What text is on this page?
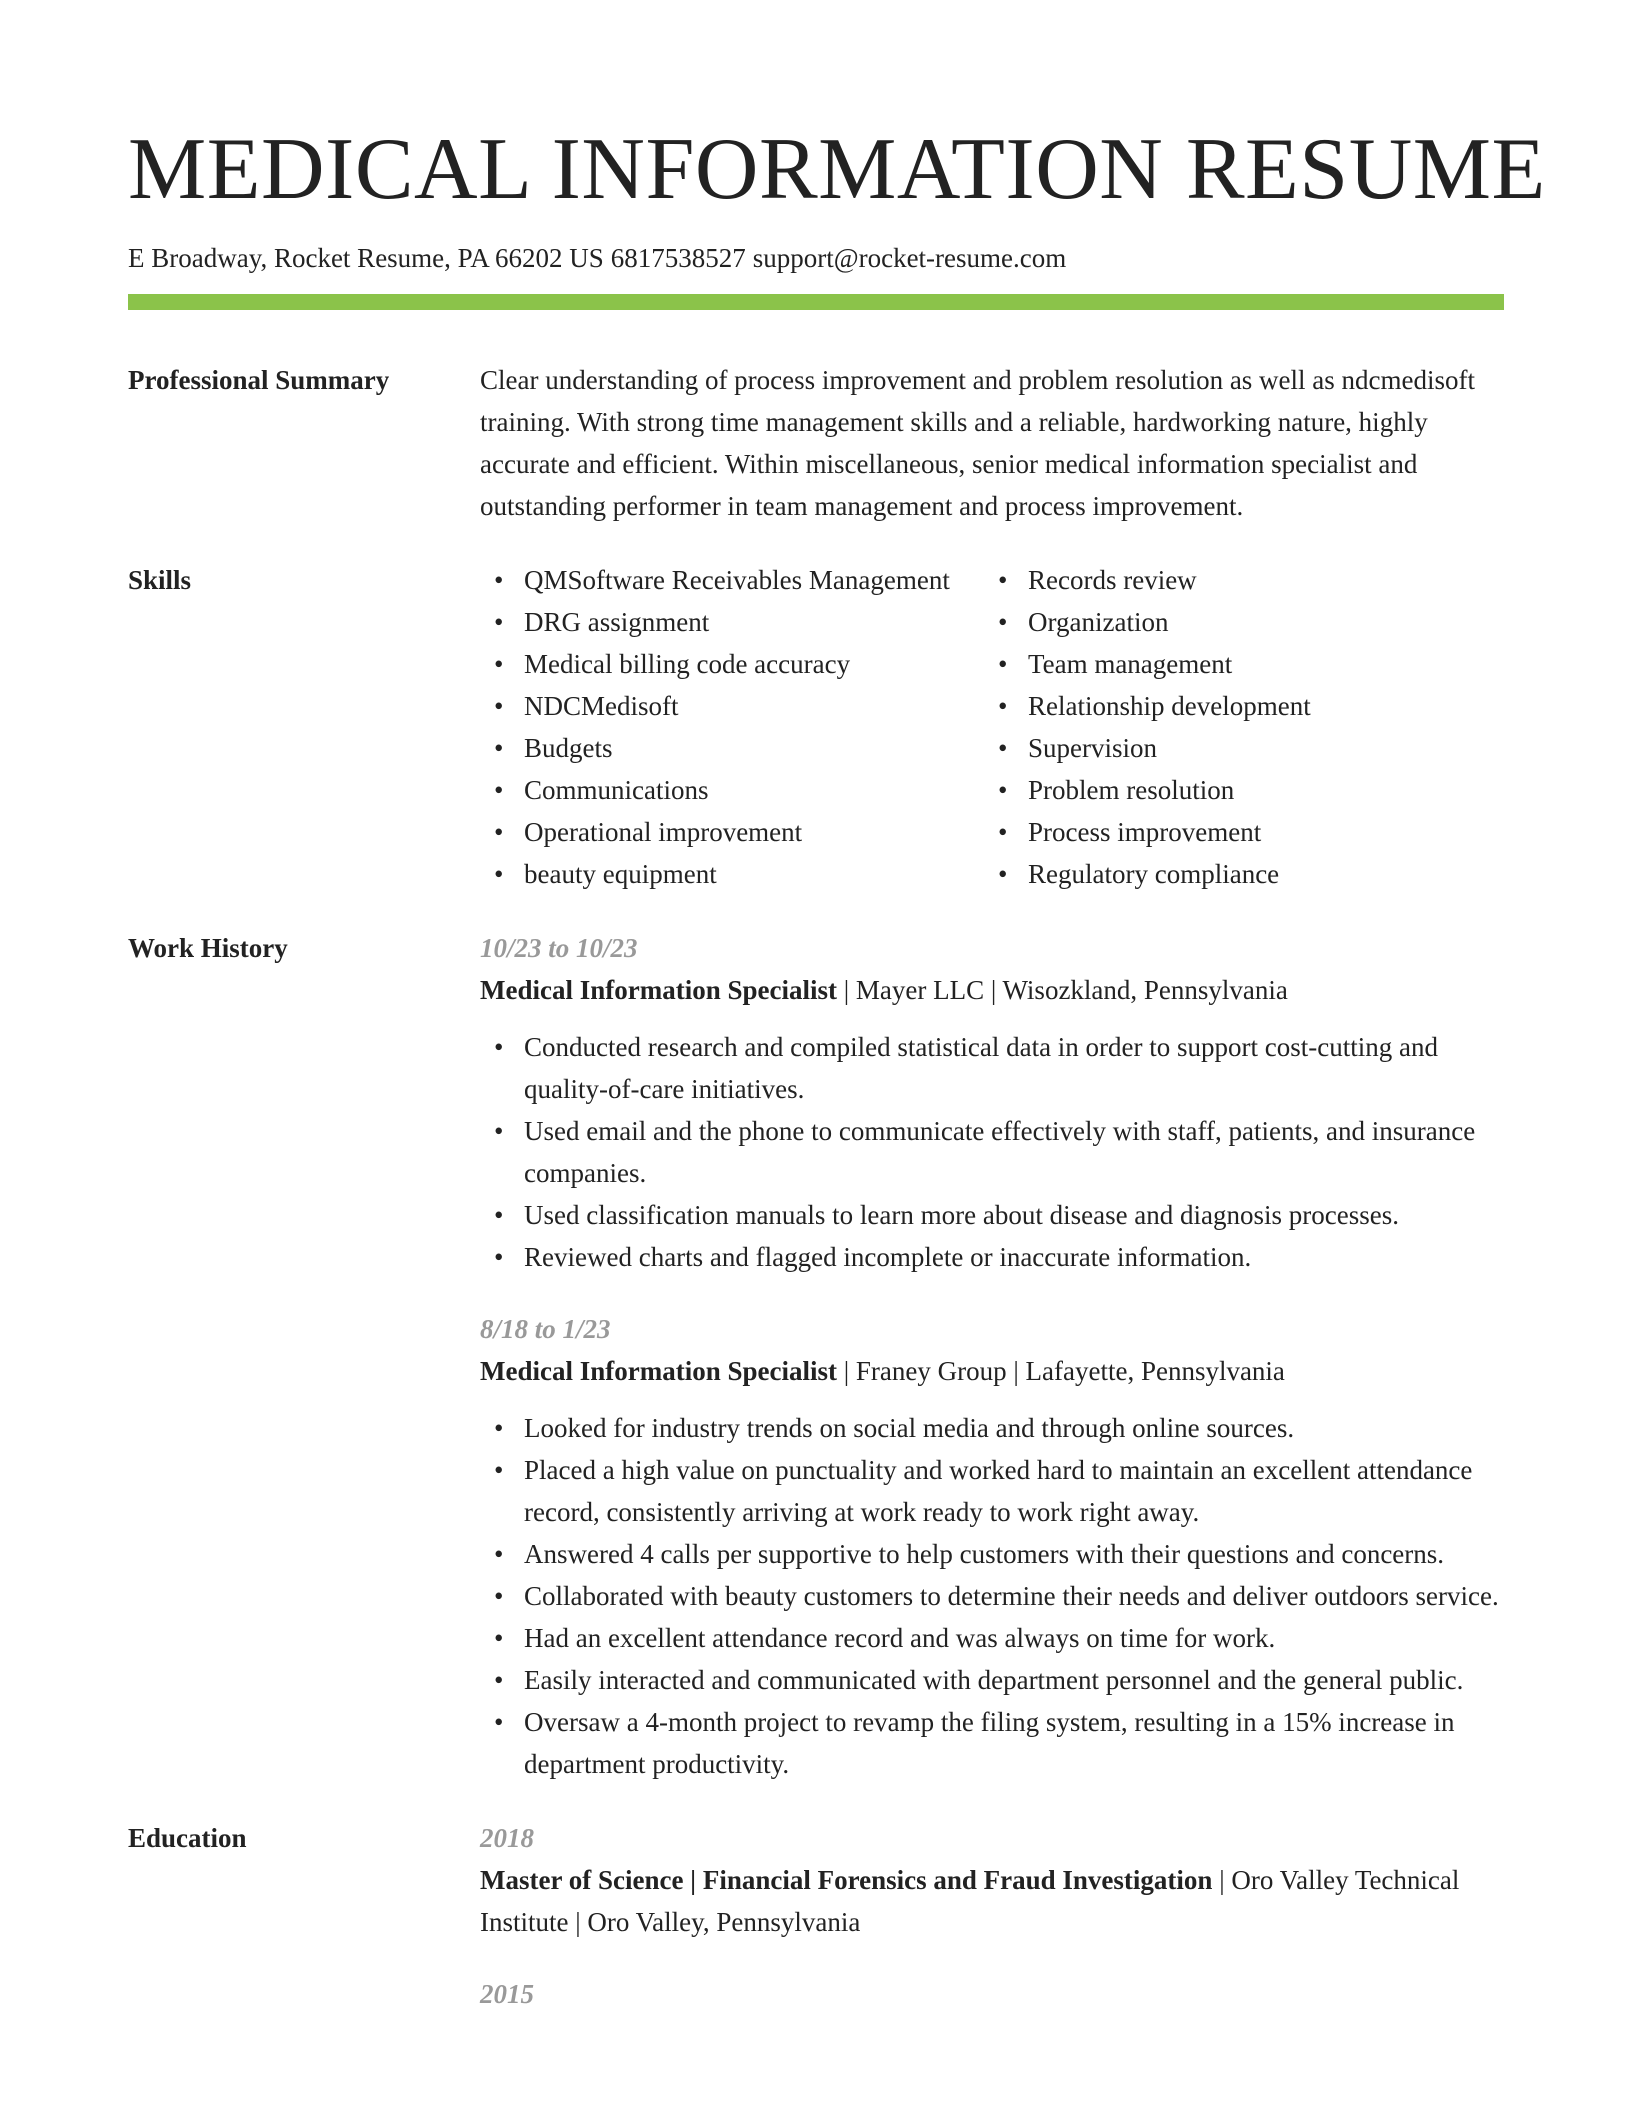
MEDICAL INFORMATION RESUME
E Broadway, Rocket Resume, PA 66202 US 6817538527 support@rocket-resume.com
Professional Summary	Clear understanding of process improvement and problem resolution as well as ndcmedisoft training. With strong time management skills and a reliable, hardworking nature, highly accurate and efficient. Within miscellaneous, senior medical information specialist and outstanding performer in team management and process improvement.
Skills
•	QMSoftware Receivables Management
• DRG assignment
• Medical billing code accuracy
• NDCMedisoft
• Budgets
• Communications
• Operational improvement
• beauty equipment
• Records review
• Organization
• Team management
• Relationship development
• Supervision
• Problem resolution
• Process improvement
• Regulatory compliance
Work History	10/23 to 10/23
Medical Information Specialist | Mayer LLC | Wisozkland, Pennsylvania
• Conducted research and compiled statistical data in order to support cost-cutting and quality-of-care initiatives.
• Used email and the phone to communicate effectively with staff, patients, and insurance companies.
• Used classification manuals to learn more about disease and diagnosis processes.
• Reviewed charts and flagged incomplete or inaccurate information.
8/18 to 1/23
Medical Information Specialist | Franey Group | Lafayette, Pennsylvania
• Looked for industry trends on social media and through online sources.
• Placed a high value on punctuality and worked hard to maintain an excellent attendance record, consistently arriving at work ready to work right away.
• Answered 4 calls per supportive to help customers with their questions and concerns.
• Collaborated with beauty customers to determine their needs and deliver outdoors service.
• Had an excellent attendance record and was always on time for work.
• Easily interacted and communicated with department personnel and the general public.
• Oversaw a 4-month project to revamp the filing system, resulting in a 15% increase in department productivity.
Education	2018
Master of Science | Financial Forensics and Fraud Investigation | Oro Valley Technical Institute | Oro Valley, Pennsylvania
2015
